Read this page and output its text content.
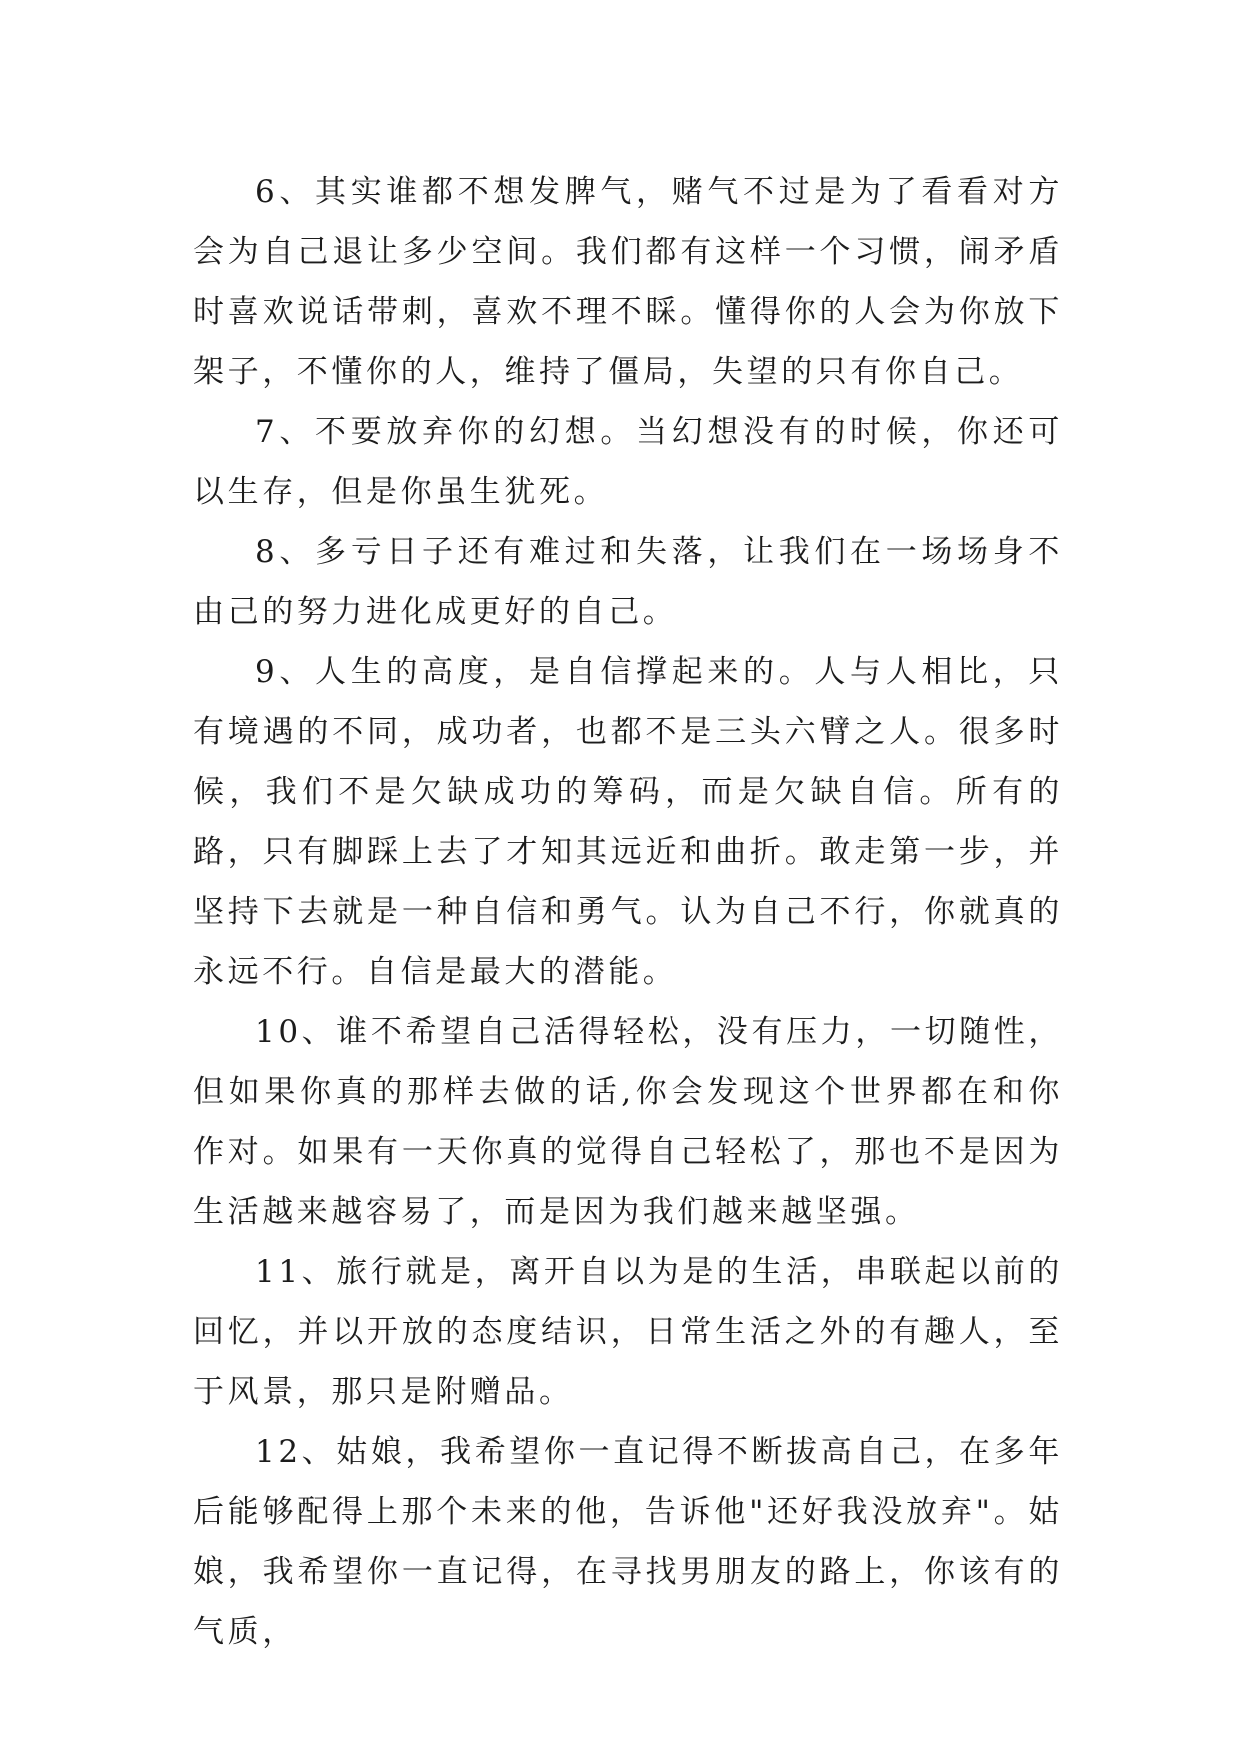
6、其实谁都不想发脾气，赌气不过是为了看看对方会为自己退让多少空间。我们都有这样一个习惯，闹矛盾时喜欢说话带刺，喜欢不理不睬。懂得你的人会为你放下架子，不懂你的人，维持了僵局，失望的只有你自己。

7、不要放弃你的幻想。当幻想没有的时候，你还可以生存，但是你虽生犹死。

8、多亏日子还有难过和失落，让我们在一场场身不由己的努力进化成更好的自己。

9、人生的高度，是自信撑起来的。人与人相比，只有境遇的不同，成功者，也都不是三头六臂之人。很多时候，我们不是欠缺成功的筹码，而是欠缺自信。所有的路，只有脚踩上去了才知其远近和曲折。敢走第一步，并坚持下去就是一种自信和勇气。认为自己不行，你就真的永远不行。自信是最大的潜能。

10、谁不希望自己活得轻松，没有压力，一切随性，但如果你真的那样去做的话,你会发现这个世界都在和你作对。如果有一天你真的觉得自己轻松了，那也不是因为生活越来越容易了，而是因为我们越来越坚强。

11、旅行就是，离开自以为是的生活，串联起以前的回忆，并以开放的态度结识，日常生活之外的有趣人，至于风景，那只是附赠品。

12、姑娘，我希望你一直记得不断拔高自己，在多年后能够配得上那个未来的他，告诉他"还好我没放弃"。姑娘，我希望你一直记得，在寻找男朋友的路上，你该有的气质，
